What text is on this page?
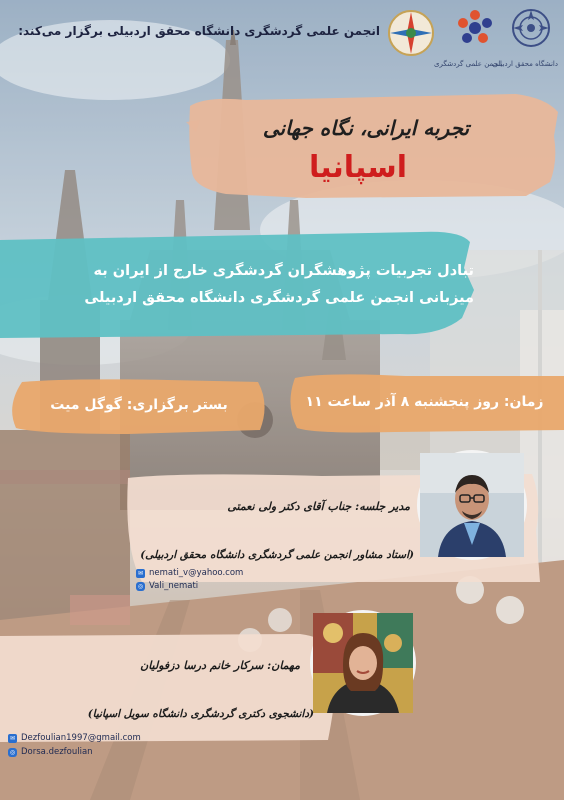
انجمن علمی گردشگری دانشگاه محقق اردبیلی برگزار می‌کند:
دانشگاه محقق اردبیلی
انجمن علمی گردشگری
تجربه ایرانی، نگاه جهانی
اسپانیا
تبادل تجربیات پژوهشگران گردشگری خارج از ایران به
میزبانی انجمن علمی گردشگری دانشگاه محقق اردبیلی
زمان: روز پنجشنبه ۸ آذر ساعت ۱۱
بستر برگزاری: گوگل میت
مدیر جلسه: جناب آقای دکتر ولی نعمتی
(استاد مشاور انجمن علمی گردشگری دانشگاه محقق اردبیلی)
✉ nemati_v@yahoo.com
◎ Vali_nemati
مهمان: سرکار خانم درسا دزفولیان
(دانشجوی دکتری گردشگری دانشگاه سویل اسپانیا)
✉ Dezfoulian1997@gmail.com
◎ Dorsa.dezfoulian
